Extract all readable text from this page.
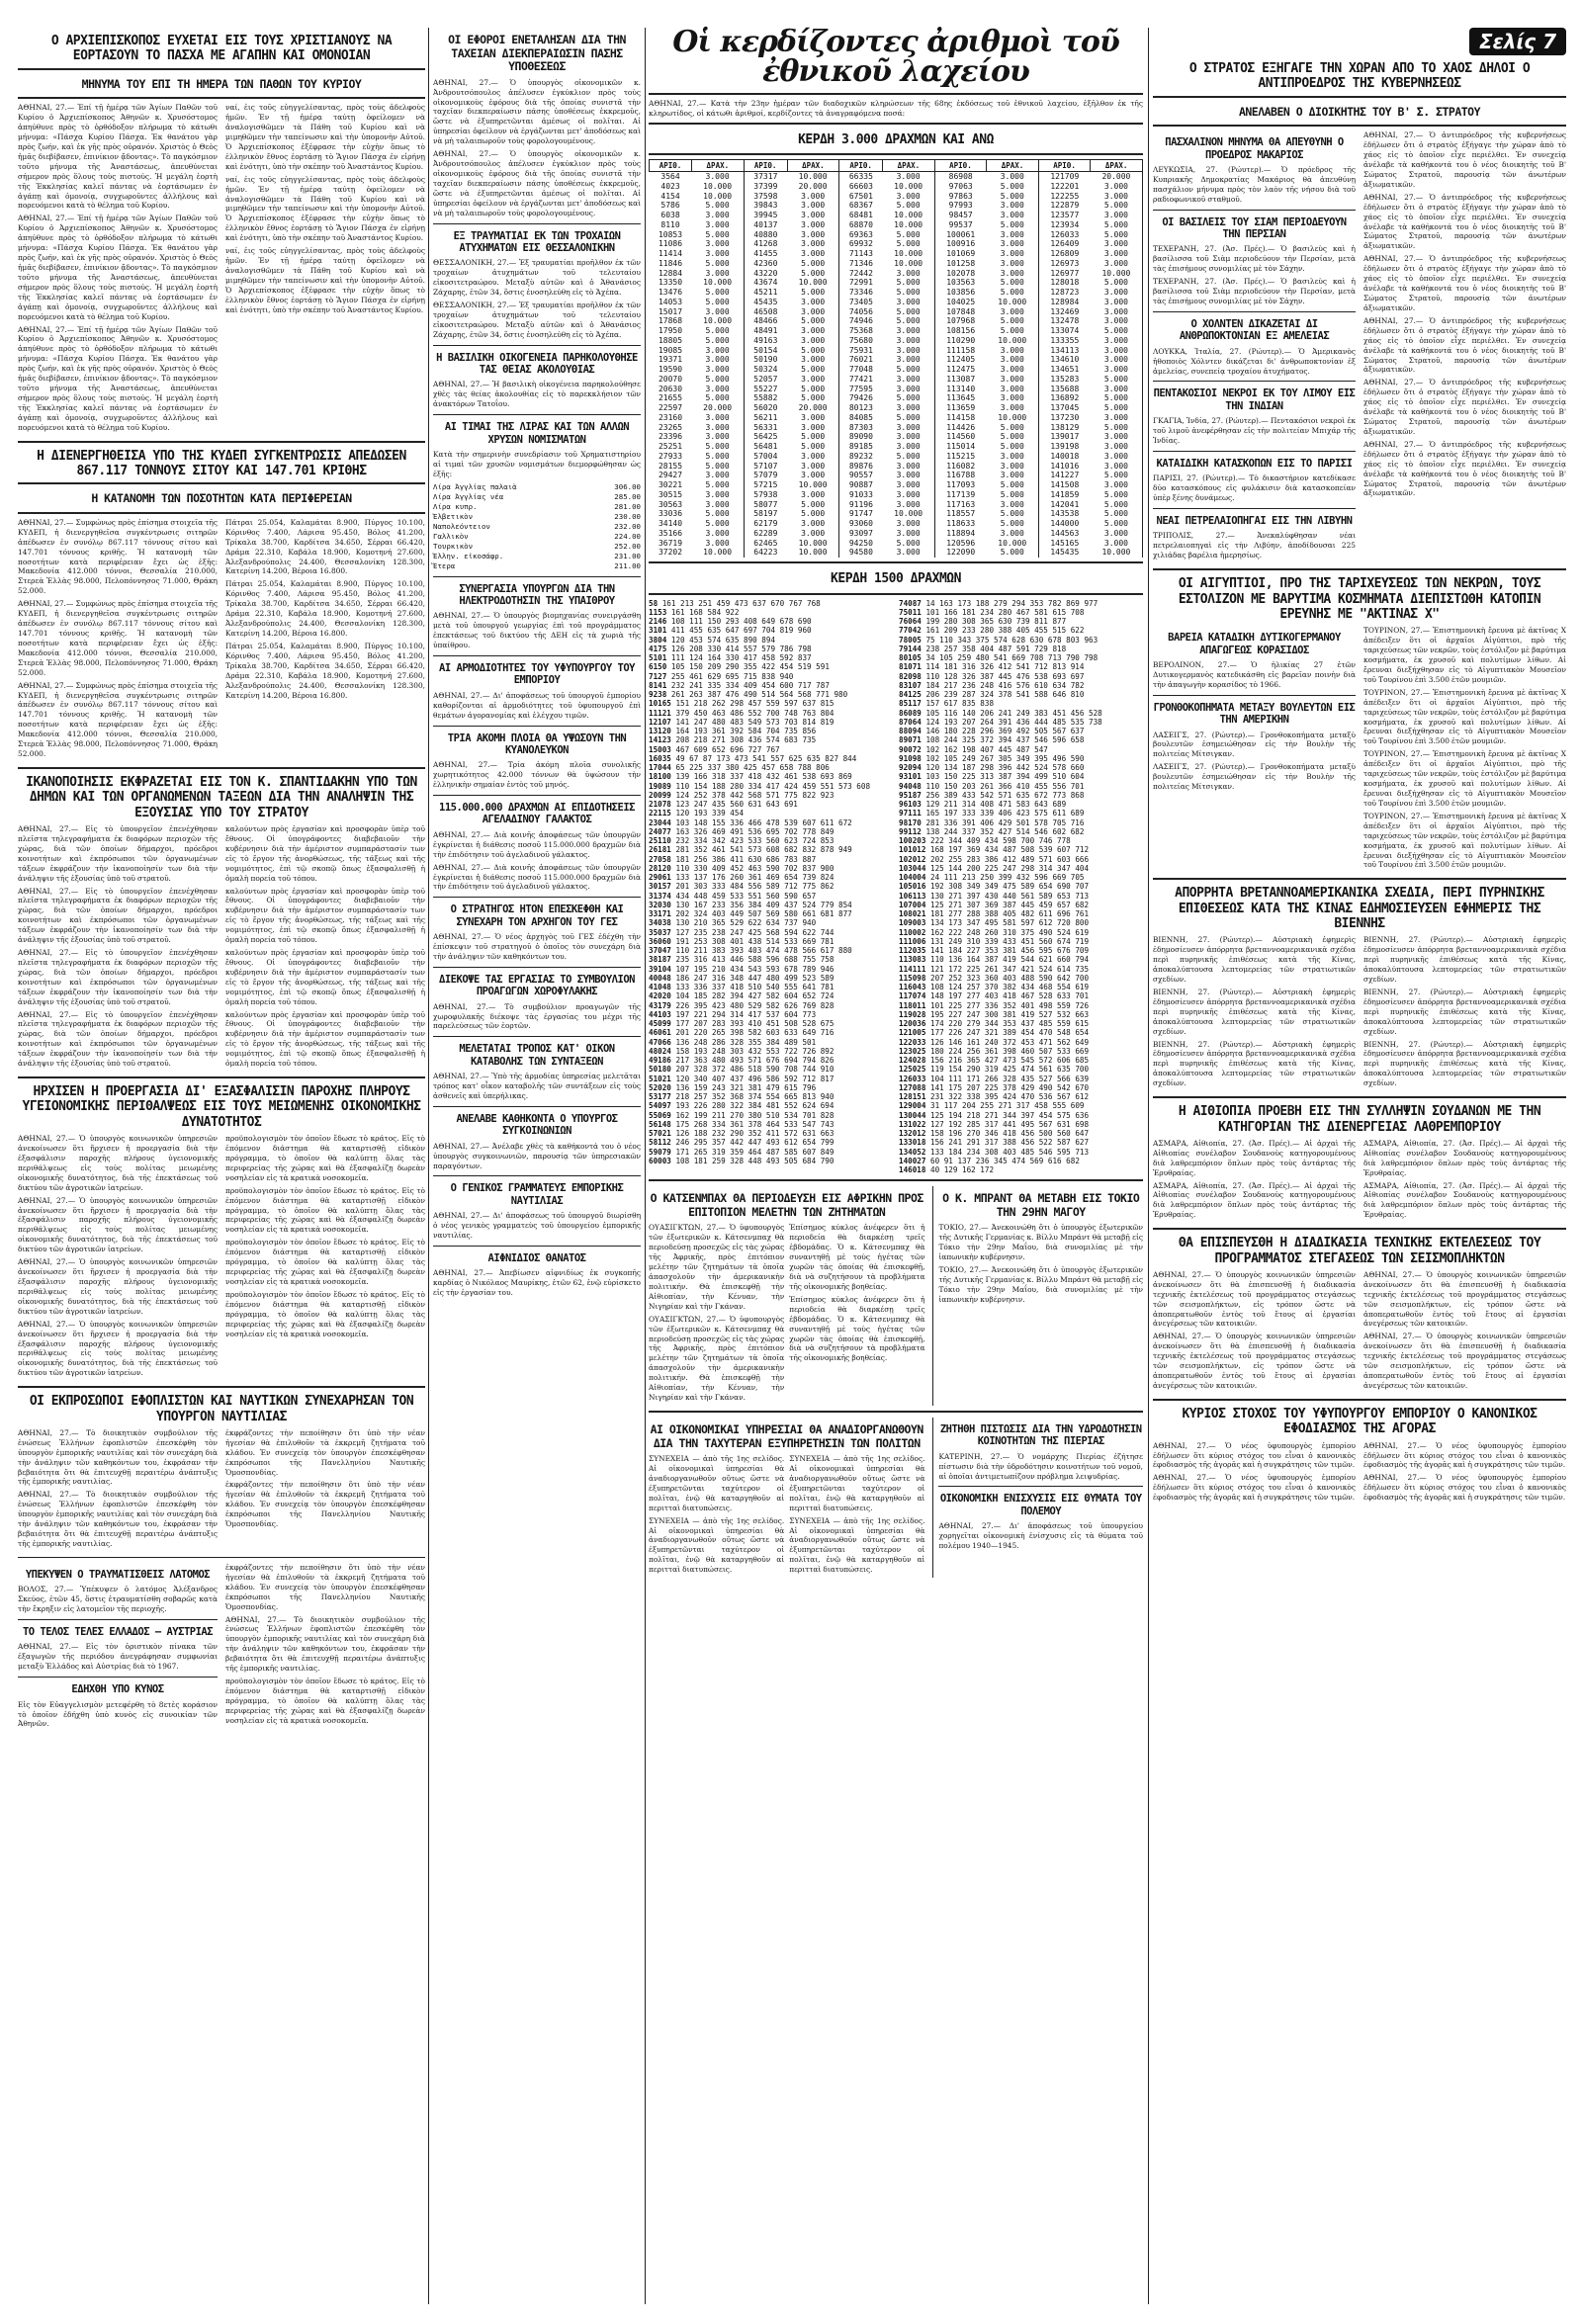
Ο ΑΡΧΙΕΠΙΣΚΟΠΟΣ ΕΥΧΕΤΑΙ ΕΙΣ ΤΟΥΣ ΧΡΙΣΤΙΑΝΟΥΣ ΝΑ ΕΟΡΤΑΣΟΥΝ ΤΟ ΠΑΣΧΑ ΜΕ ΑΓΑΠΗΝ ΚΑΙ ΟΜΟΝΟΙΑΝ
ΜΗΝΥΜΑ ΤΟΥ ΕΠΙ ΤΗ ΗΜΕΡΑ ΤΩΝ ΠΑΘΩΝ ΤΟΥ ΚΥΡΙΟΥ

ΑΘΗΝΑΙ, 27.— Ἐπί τῇ ἡμέρᾳ τῶν Ἁγίων Παθῶν τοῦ Κυρίου ὁ Ἀρχιεπίσκοπος Ἀθηνῶν κ. Χρυσόστομος ἀπηύθυνε πρὸς τὸ ὀρθόδοξον πλήρωμα τὸ κάτωθι μήνυμα: «Πάσχα Κυρίου Πάσχα. Ἐκ θανάτου γὰρ πρὸς ζωήν, καὶ ἐκ γῆς πρὸς οὐρανόν. Χριστὸς ὁ Θεὸς ἡμᾶς διεβίβασεν, ἐπινίκιον ᾄδοντας». Τὸ παγκόσμιον τοῦτο μήνυμα τῆς Ἀναστάσεως, ἀπευθύνεται σήμερον πρὸς ὅλους τοὺς πιστούς. Ἡ μεγάλη ἑορτὴ τῆς Ἐκκλησίας καλεῖ πάντας νὰ ἑορτάσωμεν ἐν ἀγάπῃ καὶ ὁμονοίᾳ, συγχωροῦντες ἀλλήλους καὶ πορευόμενοι κατὰ τὸ θέλημα τοῦ Κυρίου.

ΑΘΗΝΑΙ, 27.— Ἐπί τῇ ἡμέρᾳ τῶν Ἁγίων Παθῶν τοῦ Κυρίου ὁ Ἀρχιεπίσκοπος Ἀθηνῶν κ. Χρυσόστομος ἀπηύθυνε πρὸς τὸ ὀρθόδοξον πλήρωμα τὸ κάτωθι μήνυμα: «Πάσχα Κυρίου Πάσχα. Ἐκ θανάτου γὰρ πρὸς ζωήν, καὶ ἐκ γῆς πρὸς οὐρανόν. Χριστὸς ὁ Θεὸς ἡμᾶς διεβίβασεν, ἐπινίκιον ᾄδοντας». Τὸ παγκόσμιον τοῦτο μήνυμα τῆς Ἀναστάσεως, ἀπευθύνεται σήμερον πρὸς ὅλους τοὺς πιστούς. Ἡ μεγάλη ἑορτὴ τῆς Ἐκκλησίας καλεῖ πάντας νὰ ἑορτάσωμεν ἐν ἀγάπῃ καὶ ὁμονοίᾳ, συγχωροῦντες ἀλλήλους καὶ πορευόμενοι κατὰ τὸ θέλημα τοῦ Κυρίου.

ΑΘΗΝΑΙ, 27.— Ἐπί τῇ ἡμέρᾳ τῶν Ἁγίων Παθῶν τοῦ Κυρίου ὁ Ἀρχιεπίσκοπος Ἀθηνῶν κ. Χρυσόστομος ἀπηύθυνε πρὸς τὸ ὀρθόδοξον πλήρωμα τὸ κάτωθι μήνυμα: «Πάσχα Κυρίου Πάσχα. Ἐκ θανάτου γὰρ πρὸς ζωήν, καὶ ἐκ γῆς πρὸς οὐρανόν. Χριστὸς ὁ Θεὸς ἡμᾶς διεβίβασεν, ἐπινίκιον ᾄδοντας». Τὸ παγκόσμιον τοῦτο μήνυμα τῆς Ἀναστάσεως, ἀπευθύνεται σήμερον πρὸς ὅλους τοὺς πιστούς. Ἡ μεγάλη ἑορτὴ τῆς Ἐκκλησίας καλεῖ πάντας νὰ ἑορτάσωμεν ἐν ἀγάπῃ καὶ ὁμονοίᾳ, συγχωροῦντες ἀλλήλους καὶ πορευόμενοι κατὰ τὸ θέλημα τοῦ Κυρίου.

ναί, ἐις τοῦς εὐηγγελίσαντας, πρὸς τοὺς ἀδελφοὺς ἡμῶν. Ἐν τῇ ἡμέρᾳ ταύτῃ ὀφείλομεν νὰ ἀναλογισθῶμεν τὰ Πάθη τοῦ Κυρίου καὶ νὰ μιμηθῶμεν τὴν ταπείνωσιν καὶ τὴν ὑπομονὴν Αὐτοῦ. Ὁ Ἀρχιεπίσκοπος ἐξέφρασε τὴν εὐχὴν ὅπως τὸ ἑλληνικὸν ἔθνος ἑορτάσῃ τὸ Ἅγιον Πάσχα ἐν εἰρήνῃ καὶ ἑνότητι, ὑπὸ τὴν σκέπην τοῦ Ἀναστάντος Κυρίου.

ναί, ἐις τοῦς εὐηγγελίσαντας, πρὸς τοὺς ἀδελφοὺς ἡμῶν. Ἐν τῇ ἡμέρᾳ ταύτῃ ὀφείλομεν νὰ ἀναλογισθῶμεν τὰ Πάθη τοῦ Κυρίου καὶ νὰ μιμηθῶμεν τὴν ταπείνωσιν καὶ τὴν ὑπομονὴν Αὐτοῦ. Ὁ Ἀρχιεπίσκοπος ἐξέφρασε τὴν εὐχὴν ὅπως τὸ ἑλληνικὸν ἔθνος ἑορτάσῃ τὸ Ἅγιον Πάσχα ἐν εἰρήνῃ καὶ ἑνότητι, ὑπὸ τὴν σκέπην τοῦ Ἀναστάντος Κυρίου.

ναί, ἐις τοῦς εὐηγγελίσαντας, πρὸς τοὺς ἀδελφοὺς ἡμῶν. Ἐν τῇ ἡμέρᾳ ταύτῃ ὀφείλομεν νὰ ἀναλογισθῶμεν τὰ Πάθη τοῦ Κυρίου καὶ νὰ μιμηθῶμεν τὴν ταπείνωσιν καὶ τὴν ὑπομονὴν Αὐτοῦ. Ὁ Ἀρχιεπίσκοπος ἐξέφρασε τὴν εὐχὴν ὅπως τὸ ἑλληνικὸν ἔθνος ἑορτάσῃ τὸ Ἅγιον Πάσχα ἐν εἰρήνῃ καὶ ἑνότητι, ὑπὸ τὴν σκέπην τοῦ Ἀναστάντος Κυρίου.

Η ΔΙΕΝΕΡΓΗΘΕΙΣΑ ΥΠΟ ΤΗΣ ΚΥΔΕΠ ΣΥΓΚΕΝΤΡΩΣΙΣ ΑΠΕΔΩΣΕΝ 867.117 ΤΟΝΝΟΥΣ ΣΙΤΟΥ ΚΑΙ 147.701 ΚΡΙΘΗΣ
Η ΚΑΤΑΝΟΜΗ ΤΩΝ ΠΟΣΟΤΗΤΩΝ ΚΑΤΑ ΠΕΡΙΦΕΡΕΙΑΝ

ΑΘΗΝΑΙ, 27.— Συμφώνως πρὸς ἐπίσημα στοιχεῖα τῆς ΚΥΔΕΠ, ἡ διενεργηθεῖσα συγκέντρωσις σιτηρῶν ἀπέδωσεν ἐν συνόλῳ 867.117 τόννους σίτου καὶ 147.701 τόννους κριθῆς. Ἡ κατανομὴ τῶν ποσοτήτων κατὰ περιφέρειαν ἔχει ὡς ἑξῆς: Μακεδονία 412.000 τόννοι, Θεσσαλία 210.000, Στερεὰ Ἑλλὰς 98.000, Πελοπόννησος 71.000, Θράκη 52.000.

ΑΘΗΝΑΙ, 27.— Συμφώνως πρὸς ἐπίσημα στοιχεῖα τῆς ΚΥΔΕΠ, ἡ διενεργηθεῖσα συγκέντρωσις σιτηρῶν ἀπέδωσεν ἐν συνόλῳ 867.117 τόννους σίτου καὶ 147.701 τόννους κριθῆς. Ἡ κατανομὴ τῶν ποσοτήτων κατὰ περιφέρειαν ἔχει ὡς ἑξῆς: Μακεδονία 412.000 τόννοι, Θεσσαλία 210.000, Στερεὰ Ἑλλὰς 98.000, Πελοπόννησος 71.000, Θράκη 52.000.

ΑΘΗΝΑΙ, 27.— Συμφώνως πρὸς ἐπίσημα στοιχεῖα τῆς ΚΥΔΕΠ, ἡ διενεργηθεῖσα συγκέντρωσις σιτηρῶν ἀπέδωσεν ἐν συνόλῳ 867.117 τόννους σίτου καὶ 147.701 τόννους κριθῆς. Ἡ κατανομὴ τῶν ποσοτήτων κατὰ περιφέρειαν ἔχει ὡς ἑξῆς: Μακεδονία 412.000 τόννοι, Θεσσαλία 210.000, Στερεὰ Ἑλλὰς 98.000, Πελοπόννησος 71.000, Θράκη 52.000.

Πάτραι 25.054, Καλαμάται 8.900, Πύργος 10.100, Κόρινθος 7.400, Λάρισα 95.450, Βόλος 41.200, Τρίκαλα 38.700, Καρδίτσα 34.650, Σέρραι 66.420, Δράμα 22.310, Καβάλα 18.900, Κομοτηνή 27.600, Ἀλεξανδρούπολις 24.400, Θεσσαλονίκη 128.300, Κατερίνη 14.200, Βέροια 16.800.

Πάτραι 25.054, Καλαμάται 8.900, Πύργος 10.100, Κόρινθος 7.400, Λάρισα 95.450, Βόλος 41.200, Τρίκαλα 38.700, Καρδίτσα 34.650, Σέρραι 66.420, Δράμα 22.310, Καβάλα 18.900, Κομοτηνή 27.600, Ἀλεξανδρούπολις 24.400, Θεσσαλονίκη 128.300, Κατερίνη 14.200, Βέροια 16.800.

Πάτραι 25.054, Καλαμάται 8.900, Πύργος 10.100, Κόρινθος 7.400, Λάρισα 95.450, Βόλος 41.200, Τρίκαλα 38.700, Καρδίτσα 34.650, Σέρραι 66.420, Δράμα 22.310, Καβάλα 18.900, Κομοτηνή 27.600, Ἀλεξανδρούπολις 24.400, Θεσσαλονίκη 128.300, Κατερίνη 14.200, Βέροια 16.800.

ΙΚΑΝΟΠΟΙΗΣΙΣ ΕΚΦΡΑΖΕΤΑΙ ΕΙΣ ΤΟΝ Κ. ΣΠΑΝΤΙΔΑΚΗΝ ΥΠΟ ΤΩΝ ΔΗΜΩΝ ΚΑΙ ΤΩΝ ΟΡΓΑΝΩΜΕΝΩΝ ΤΑΞΕΩΝ ΔΙΑ ΤΗΝ ΑΝΑΛΗΨΙΝ ΤΗΣ ΕΞΟΥΣΙΑΣ ΥΠΟ ΤΟΥ ΣΤΡΑΤΟΥ

ΑΘΗΝΑΙ, 27.— Εἰς τὸ ὑπουργεῖον ἐπενέχθησαν πλεῖστα τηλεγραφήματα ἐκ διαφόρων περιοχῶν τῆς χώρας, διὰ τῶν ὁποίων δήμαρχοι, πρόεδροι κοινοτήτων καὶ ἐκπρόσωποι τῶν ὀργανωμένων τάξεων ἐκφράζουν τὴν ἱκανοποίησίν των διὰ τὴν ἀνάληψιν τῆς ἐξουσίας ὑπὸ τοῦ στρατοῦ.

ΑΘΗΝΑΙ, 27.— Εἰς τὸ ὑπουργεῖον ἐπενέχθησαν πλεῖστα τηλεγραφήματα ἐκ διαφόρων περιοχῶν τῆς χώρας, διὰ τῶν ὁποίων δήμαρχοι, πρόεδροι κοινοτήτων καὶ ἐκπρόσωποι τῶν ὀργανωμένων τάξεων ἐκφράζουν τὴν ἱκανοποίησίν των διὰ τὴν ἀνάληψιν τῆς ἐξουσίας ὑπὸ τοῦ στρατοῦ.

ΑΘΗΝΑΙ, 27.— Εἰς τὸ ὑπουργεῖον ἐπενέχθησαν πλεῖστα τηλεγραφήματα ἐκ διαφόρων περιοχῶν τῆς χώρας, διὰ τῶν ὁποίων δήμαρχοι, πρόεδροι κοινοτήτων καὶ ἐκπρόσωποι τῶν ὀργανωμένων τάξεων ἐκφράζουν τὴν ἱκανοποίησίν των διὰ τὴν ἀνάληψιν τῆς ἐξουσίας ὑπὸ τοῦ στρατοῦ.

ΑΘΗΝΑΙ, 27.— Εἰς τὸ ὑπουργεῖον ἐπενέχθησαν πλεῖστα τηλεγραφήματα ἐκ διαφόρων περιοχῶν τῆς χώρας, διὰ τῶν ὁποίων δήμαρχοι, πρόεδροι κοινοτήτων καὶ ἐκπρόσωποι τῶν ὀργανωμένων τάξεων ἐκφράζουν τὴν ἱκανοποίησίν των διὰ τὴν ἀνάληψιν τῆς ἐξουσίας ὑπὸ τοῦ στρατοῦ.

καλούντων πρὸς ἐργασίαν καὶ προσφορὰν ὑπὲρ τοῦ ἔθνους. Οἱ ὑπογράφοντες διαβεβαιοῦν τὴν κυβέρνησιν διὰ τὴν ἀμέριστον συμπαράστασίν των εἰς τὸ ἔργον τῆς ἀνορθώσεως, τῆς τάξεως καὶ τῆς νομιμότητος, ἐπὶ τῷ σκοπῷ ὅπως ἐξασφαλισθῇ ἡ ὁμαλὴ πορεία τοῦ τόπου.

καλούντων πρὸς ἐργασίαν καὶ προσφορὰν ὑπὲρ τοῦ ἔθνους. Οἱ ὑπογράφοντες διαβεβαιοῦν τὴν κυβέρνησιν διὰ τὴν ἀμέριστον συμπαράστασίν των εἰς τὸ ἔργον τῆς ἀνορθώσεως, τῆς τάξεως καὶ τῆς νομιμότητος, ἐπὶ τῷ σκοπῷ ὅπως ἐξασφαλισθῇ ἡ ὁμαλὴ πορεία τοῦ τόπου.

καλούντων πρὸς ἐργασίαν καὶ προσφορὰν ὑπὲρ τοῦ ἔθνους. Οἱ ὑπογράφοντες διαβεβαιοῦν τὴν κυβέρνησιν διὰ τὴν ἀμέριστον συμπαράστασίν των εἰς τὸ ἔργον τῆς ἀνορθώσεως, τῆς τάξεως καὶ τῆς νομιμότητος, ἐπὶ τῷ σκοπῷ ὅπως ἐξασφαλισθῇ ἡ ὁμαλὴ πορεία τοῦ τόπου.

καλούντων πρὸς ἐργασίαν καὶ προσφορὰν ὑπὲρ τοῦ ἔθνους. Οἱ ὑπογράφοντες διαβεβαιοῦν τὴν κυβέρνησιν διὰ τὴν ἀμέριστον συμπαράστασίν των εἰς τὸ ἔργον τῆς ἀνορθώσεως, τῆς τάξεως καὶ τῆς νομιμότητος, ἐπὶ τῷ σκοπῷ ὅπως ἐξασφαλισθῇ ἡ ὁμαλὴ πορεία τοῦ τόπου.

ΗΡΧΙΣΕΝ Η ΠΡΟΕΡΓΑΣΙΑ ΔΙ' ΕΞΑΣΦΑΛΙΣΙΝ ΠΑΡΟΧΗΣ ΠΛΗΡΟΥΣ ΥΓΕΙΟΝΟΜΙΚΗΣ ΠΕΡΙΘΑΛΨΕΩΣ ΕΙΣ ΤΟΥΣ ΜΕΙΩΜΕΝΗΣ ΟΙΚΟΝΟΜΙΚΗΣ ΔΥΝΑΤΟΤΗΤΟΣ

ΑΘΗΝΑΙ, 27.— Ὁ ὑπουργὸς κοινωνικῶν ὑπηρεσιῶν ἀνεκοίνωσεν ὅτι ἤρχισεν ἡ προεργασία διὰ τὴν ἐξασφάλισιν παροχῆς πλήρους ὑγειονομικῆς περιθάλψεως εἰς τοὺς πολίτας μειωμένης οἰκονομικῆς δυνατότητος, διὰ τῆς ἐπεκτάσεως τοῦ δικτύου τῶν ἀγροτικῶν ἰατρείων.

ΑΘΗΝΑΙ, 27.— Ὁ ὑπουργὸς κοινωνικῶν ὑπηρεσιῶν ἀνεκοίνωσεν ὅτι ἤρχισεν ἡ προεργασία διὰ τὴν ἐξασφάλισιν παροχῆς πλήρους ὑγειονομικῆς περιθάλψεως εἰς τοὺς πολίτας μειωμένης οἰκονομικῆς δυνατότητος, διὰ τῆς ἐπεκτάσεως τοῦ δικτύου τῶν ἀγροτικῶν ἰατρείων.

ΑΘΗΝΑΙ, 27.— Ὁ ὑπουργὸς κοινωνικῶν ὑπηρεσιῶν ἀνεκοίνωσεν ὅτι ἤρχισεν ἡ προεργασία διὰ τὴν ἐξασφάλισιν παροχῆς πλήρους ὑγειονομικῆς περιθάλψεως εἰς τοὺς πολίτας μειωμένης οἰκονομικῆς δυνατότητος, διὰ τῆς ἐπεκτάσεως τοῦ δικτύου τῶν ἀγροτικῶν ἰατρείων.

ΑΘΗΝΑΙ, 27.— Ὁ ὑπουργὸς κοινωνικῶν ὑπηρεσιῶν ἀνεκοίνωσεν ὅτι ἤρχισεν ἡ προεργασία διὰ τὴν ἐξασφάλισιν παροχῆς πλήρους ὑγειονομικῆς περιθάλψεως εἰς τοὺς πολίτας μειωμένης οἰκονομικῆς δυνατότητος, διὰ τῆς ἐπεκτάσεως τοῦ δικτύου τῶν ἀγροτικῶν ἰατρείων.

προϋπολογισμὸν τὸν ὁποῖον ἔδωσε τὸ κράτος. Εἰς τὸ ἐπόμενον διάστημα θὰ καταρτισθῇ εἰδικὸν πρόγραμμα, τὸ ὁποῖον θὰ καλύπτῃ ὅλας τὰς περιφερείας τῆς χώρας καὶ θὰ ἐξασφαλίζῃ δωρεὰν νοσηλείαν εἰς τὰ κρατικὰ νοσοκομεῖα.

προϋπολογισμὸν τὸν ὁποῖον ἔδωσε τὸ κράτος. Εἰς τὸ ἐπόμενον διάστημα θὰ καταρτισθῇ εἰδικὸν πρόγραμμα, τὸ ὁποῖον θὰ καλύπτῃ ὅλας τὰς περιφερείας τῆς χώρας καὶ θὰ ἐξασφαλίζῃ δωρεὰν νοσηλείαν εἰς τὰ κρατικὰ νοσοκομεῖα.

προϋπολογισμὸν τὸν ὁποῖον ἔδωσε τὸ κράτος. Εἰς τὸ ἐπόμενον διάστημα θὰ καταρτισθῇ εἰδικὸν πρόγραμμα, τὸ ὁποῖον θὰ καλύπτῃ ὅλας τὰς περιφερείας τῆς χώρας καὶ θὰ ἐξασφαλίζῃ δωρεὰν νοσηλείαν εἰς τὰ κρατικὰ νοσοκομεῖα.

προϋπολογισμὸν τὸν ὁποῖον ἔδωσε τὸ κράτος. Εἰς τὸ ἐπόμενον διάστημα θὰ καταρτισθῇ εἰδικὸν πρόγραμμα, τὸ ὁποῖον θὰ καλύπτῃ ὅλας τὰς περιφερείας τῆς χώρας καὶ θὰ ἐξασφαλίζῃ δωρεὰν νοσηλείαν εἰς τὰ κρατικὰ νοσοκομεῖα.

ΟΙ ΕΚΠΡΟΣΩΠΟΙ ΕΦΟΠΛΙΣΤΩΝ ΚΑΙ ΝΑΥΤΙΚΩΝ ΣΥΝΕΧΑΡΗΣΑΝ ΤΟΝ ΥΠΟΥΡΓΟΝ ΝΑΥΤΙΛΙΑΣ

ΑΘΗΝΑΙ, 27.— Τὸ διοικητικὸν συμβούλιον τῆς ἑνώσεως Ἑλλήνων ἐφοπλιστῶν ἐπεσκέφθη τὸν ὑπουργὸν ἐμπορικῆς ναυτιλίας καὶ τὸν συνεχάρη διὰ τὴν ἀνάληψιν τῶν καθηκόντων του, ἐκφράσαν τὴν βεβαιότητα ὅτι θὰ ἐπιτευχθῇ περαιτέρω ἀνάπτυξις τῆς ἐμπορικῆς ναυτιλίας.

ΑΘΗΝΑΙ, 27.— Τὸ διοικητικὸν συμβούλιον τῆς ἑνώσεως Ἑλλήνων ἐφοπλιστῶν ἐπεσκέφθη τὸν ὑπουργὸν ἐμπορικῆς ναυτιλίας καὶ τὸν συνεχάρη διὰ τὴν ἀνάληψιν τῶν καθηκόντων του, ἐκφράσαν τὴν βεβαιότητα ὅτι θὰ ἐπιτευχθῇ περαιτέρω ἀνάπτυξις τῆς ἐμπορικῆς ναυτιλίας.

ἐκφράζοντες τὴν πεποίθησιν ὅτι ὑπὸ τὴν νέαν ἡγεσίαν θὰ ἐπιλυθοῦν τὰ ἐκκρεμῆ ζητήματα τοῦ κλάδου. Ἐν συνεχείᾳ τὸν ὑπουργὸν ἐπεσκέφθησαν ἐκπρόσωποι τῆς Πανελληνίου Ναυτικῆς Ὁμοσπονδίας.

ἐκφράζοντες τὴν πεποίθησιν ὅτι ὑπὸ τὴν νέαν ἡγεσίαν θὰ ἐπιλυθοῦν τὰ ἐκκρεμῆ ζητήματα τοῦ κλάδου. Ἐν συνεχείᾳ τὸν ὑπουργὸν ἐπεσκέφθησαν ἐκπρόσωποι τῆς Πανελληνίου Ναυτικῆς Ὁμοσπονδίας.

ΥΠΕΚΥΨΕΝ Ο ΤΡΑΥΜΑΤΙΣΘΕΙΣ ΛΑΤΟΜΟΣ

ΒΟΛΟΣ, 27.— Ὑπέκυψεν ὁ λατόμος Ἀλέξανδρος Σκεύος, ἐτῶν 45, ὅστις ἐτραυματίσθη σοβαρῶς κατὰ τὴν ἔκρηξιν εἰς λατομεῖον τῆς περιοχῆς.

ΤΟ ΤΕΛΟΣ ΤΕΛΕΣ ΕΛΛΑΔΟΣ — ΑΥΣΤΡΙΑΣ

ΑΘΗΝΑΙ, 27.— Εἰς τὸν ὁριστικὸν πίνακα τῶν ἐξαγωγῶν τῆς περιόδου ἀνεγράφησαν συμφωνίαι μεταξὺ Ἑλλάδος καὶ Αὐστρίας διὰ τὸ 1967.

ΕΔΗΧΘΗ ΥΠΟ ΚΥΝΟΣ

Εἰς τὸν Εὐαγγελισμὸν μετεφέρθη τὸ 8ετὲς κοράσιον τὸ ὁποῖον ἐδήχθη ὑπὸ κυνὸς εἰς συνοικίαν τῶν Ἀθηνῶν.

ἐκφράζοντες τὴν πεποίθησιν ὅτι ὑπὸ τὴν νέαν ἡγεσίαν θὰ ἐπιλυθοῦν τὰ ἐκκρεμῆ ζητήματα τοῦ κλάδου. Ἐν συνεχείᾳ τὸν ὑπουργὸν ἐπεσκέφθησαν ἐκπρόσωποι τῆς Πανελληνίου Ναυτικῆς Ὁμοσπονδίας.

ΑΘΗΝΑΙ, 27.— Τὸ διοικητικὸν συμβούλιον τῆς ἑνώσεως Ἑλλήνων ἐφοπλιστῶν ἐπεσκέφθη τὸν ὑπουργὸν ἐμπορικῆς ναυτιλίας καὶ τὸν συνεχάρη διὰ τὴν ἀνάληψιν τῶν καθηκόντων του, ἐκφράσαν τὴν βεβαιότητα ὅτι θὰ ἐπιτευχθῇ περαιτέρω ἀνάπτυξις τῆς ἐμπορικῆς ναυτιλίας.

προϋπολογισμὸν τὸν ὁποῖον ἔδωσε τὸ κράτος. Εἰς τὸ ἐπόμενον διάστημα θὰ καταρτισθῇ εἰδικὸν πρόγραμμα, τὸ ὁποῖον θὰ καλύπτῃ ὅλας τὰς περιφερείας τῆς χώρας καὶ θὰ ἐξασφαλίζῃ δωρεὰν νοσηλείαν εἰς τὰ κρατικὰ νοσοκομεῖα.

ΟΙ ΕΦΟΡΟΙ ΕΝΕΤΑΛΗΣΑΝ ΔΙΑ ΤΗΝ ΤΑΧΕΙΑΝ ΔΙΕΚΠΕΡΑΙΩΣΙΝ ΠΑΣΗΣ ΥΠΟΘΕΣΕΩΣ

ΑΘΗΝΑΙ, 27.— Ὁ ὑπουργὸς οἰκονομικῶν κ. Ἀνδρουτσόπουλος ἀπέλυσεν ἐγκύκλιον πρὸς τοὺς οἰκονομικοὺς ἐφόρους διὰ τῆς ὁποίας συνιστᾶ τὴν ταχεῖαν διεκπεραίωσιν πάσης ὑποθέσεως ἐκκρεμοῦς, ὥστε νὰ ἐξυπηρετῶνται ἀμέσως οἱ πολῖται. Αἱ ὑπηρεσίαι ὀφείλουν νὰ ἐργάζωνται μετ' ἀποδόσεως καὶ νὰ μὴ ταλαιπωροῦν τοὺς φορολογουμένους.

ΑΘΗΝΑΙ, 27.— Ὁ ὑπουργὸς οἰκονομικῶν κ. Ἀνδρουτσόπουλος ἀπέλυσεν ἐγκύκλιον πρὸς τοὺς οἰκονομικοὺς ἐφόρους διὰ τῆς ὁποίας συνιστᾶ τὴν ταχεῖαν διεκπεραίωσιν πάσης ὑποθέσεως ἐκκρεμοῦς, ὥστε νὰ ἐξυπηρετῶνται ἀμέσως οἱ πολῖται. Αἱ ὑπηρεσίαι ὀφείλουν νὰ ἐργάζωνται μετ' ἀποδόσεως καὶ νὰ μὴ ταλαιπωροῦν τοὺς φορολογουμένους.

ΕΞ ΤΡΑΥΜΑΤΙΑΙ ΕΚ ΤΩΝ ΤΡΟΧΑΙΩΝ ΑΤΥΧΗΜΑΤΩΝ ΕΙΣ ΘΕΣΣΑΛΟΝΙΚΗΝ

ΘΕΣΣΑΛΟΝΙΚΗ, 27.— Ἐξ τραυματίαι προῆλθον ἐκ τῶν τροχαίων ἀτυχημάτων τοῦ τελευταίου εἰκοσιτετραώρου. Μεταξὺ αὐτῶν καὶ ὁ Ἀθανάσιος Ζάχαρης, ἐτῶν 34, ὅστις ἐνοσηλεύθη εἰς τὸ Ἀχέπα.

ΘΕΣΣΑΛΟΝΙΚΗ, 27.— Ἐξ τραυματίαι προῆλθον ἐκ τῶν τροχαίων ἀτυχημάτων τοῦ τελευταίου εἰκοσιτετραώρου. Μεταξὺ αὐτῶν καὶ ὁ Ἀθανάσιος Ζάχαρης, ἐτῶν 34, ὅστις ἐνοσηλεύθη εἰς τὸ Ἀχέπα.

Η ΒΑΣΙΛΙΚΗ ΟΙΚΟΓΕΝΕΙΑ ΠΑΡΗΚΟΛΟΥΘΗΣΕ ΤΑΣ ΘΕΙΑΣ ΑΚΟΛΟΥΘΙΑΣ

ΑΘΗΝΑΙ, 27.— Ἡ βασιλικὴ οἰκογένεια παρηκολούθησε χθὲς τὰς θείας ἀκολουθίας εἰς τὸ παρεκκλήσιον τῶν ἀνακτόρων Τατοΐου.

ΑΙ ΤΙΜΑΙ ΤΗΣ ΛΙΡΑΣ ΚΑΙ ΤΩΝ ΑΛΛΩΝ ΧΡΥΣΩΝ ΝΟΜΙΣΜΑΤΩΝ

Κατὰ τὴν σημερινὴν συνεδρίασιν τοῦ Χρηματιστηρίου αἱ τιμαὶ τῶν χρυσῶν νομισμάτων διεμορφώθησαν ὡς ἑξῆς:

Λίρα Ἀγγλίας παλαιὰ	306.00
Λίρα Ἀγγλίας νέα	285.00
Λίρα κυπρ.	281.00
Ἐλβετικὸν	230.00
Ναπολεόντειον	232.00
Γαλλικὸν	224.00
Τουρκικὸν	252.00
Ἑλλην. εἰκοσάφρ.	231.00
Ἔτερα	211.00
ΣΥΝΕΡΓΑΣΙΑ ΥΠΟΥΡΓΩΝ ΔΙΑ ΤΗΝ ΗΛΕΚΤΡΟΔΟΤΗΣΙΝ ΤΗΣ ΥΠΑΙΘΡΟΥ

ΑΘΗΝΑΙ, 27.— Ὁ ὑπουργὸς βιομηχανίας συνειργάσθη μετὰ τοῦ ὑπουργοῦ γεωργίας ἐπὶ τοῦ προγράμματος ἐπεκτάσεως τοῦ δικτύου τῆς ΔΕΗ εἰς τὰ χωριὰ τῆς ὑπαίθρου.

ΑΙ ΑΡΜΟΔΙΟΤΗΤΕΣ ΤΟΥ ΥΦΥΠΟΥΡΓΟΥ ΤΟΥ ΕΜΠΟΡΙΟΥ

ΑΘΗΝΑΙ, 27.— Δι' ἀποφάσεως τοῦ ὑπουργοῦ ἐμπορίου καθορίζονται αἱ ἀρμοδιότητες τοῦ ὑφυπουργοῦ ἐπὶ θεμάτων ἀγορανομίας καὶ ἐλέγχου τιμῶν.

ΤΡΙΑ ΑΚΟΜΗ ΠΛΟΙΑ ΘΑ ΥΨΩΣΟΥΝ ΤΗΝ ΚΥΑΝΟΛΕΥΚΟΝ

ΑΘΗΝΑΙ, 27.— Τρία ἀκόμη πλοῖα συνολικῆς χωρητικότητος 42.000 τόννων θὰ ὑψώσουν τὴν ἑλληνικὴν σημαίαν ἐντὸς τοῦ μηνός.

115.000.000 ΔΡΑΧΜΩΝ ΑΙ ΕΠΙΔΟΤΗΣΕΙΣ ΑΓΕΛΑΔΙΝΟΥ ΓΑΛΑΚΤΟΣ

ΑΘΗΝΑΙ, 27.— Διὰ κοινῆς ἀποφάσεως τῶν ὑπουργῶν ἐγκρίνεται ἡ διάθεσις ποσοῦ 115.000.000 δραχμῶν διὰ τὴν ἐπιδότησιν τοῦ ἀγελαδινοῦ γάλακτος.

ΑΘΗΝΑΙ, 27.— Διὰ κοινῆς ἀποφάσεως τῶν ὑπουργῶν ἐγκρίνεται ἡ διάθεσις ποσοῦ 115.000.000 δραχμῶν διὰ τὴν ἐπιδότησιν τοῦ ἀγελαδινοῦ γάλακτος.

Ο ΣΤΡΑΤΗΓΟΣ ΗΤΟΝ ΕΠΕΣΚΕΦΘΗ ΚΑΙ ΣΥΝΕΧΑΡΗ ΤΟΝ ΑΡΧΗΓΟΝ ΤΟΥ ΓΕΣ

ΑΘΗΝΑΙ, 27.— Ὁ νέος ἀρχηγὸς τοῦ ΓΕΣ ἐδέχθη τὴν ἐπίσκεψιν τοῦ στρατηγοῦ ὁ ὁποῖος τὸν συνεχάρη διὰ τὴν ἀνάληψιν τῶν καθηκόντων του.

ΔΙΕΚΟΨΕ ΤΑΣ ΕΡΓΑΣΙΑΣ ΤΟ ΣΥΜΒΟΥΛΙΟΝ ΠΡΟΑΓΩΓΩΝ ΧΩΡΟΦΥΛΑΚΗΣ

ΑΘΗΝΑΙ, 27.— Τὸ συμβούλιον προαγωγῶν τῆς χωροφυλακῆς διέκοψε τὰς ἐργασίας του μέχρι τῆς παρελεύσεως τῶν ἑορτῶν.

ΜΕΛΕΤΑΤΑΙ ΤΡΟΠΟΣ ΚΑΤ' ΟΙΚΟΝ ΚΑΤΑΒΟΛΗΣ ΤΩΝ ΣΥΝΤΑΞΕΩΝ

ΑΘΗΝΑΙ, 27.— Ὑπὸ τῆς ἁρμοδίας ὑπηρεσίας μελετᾶται τρόπος κατ' οἶκον καταβολῆς τῶν συντάξεων εἰς τοὺς ἀσθενεῖς καὶ ὑπερήλικας.

ΑΝΕΛΑΒΕ ΚΑΘΗΚΟΝΤΑ Ο ΥΠΟΥΡΓΟΣ ΣΥΓΚΟΙΝΩΝΙΩΝ

ΑΘΗΝΑΙ, 27.— Ἀνέλαβε χθὲς τὰ καθήκοντά του ὁ νέος ὑπουργὸς συγκοινωνιῶν, παρουσίᾳ τῶν ὑπηρεσιακῶν παραγόντων.

Ο ΓΕΝΙΚΟΣ ΓΡΑΜΜΑΤΕΥΣ ΕΜΠΟΡΙΚΗΣ ΝΑΥΤΙΛΙΑΣ

ΑΘΗΝΑΙ, 27.— Δι' ἀποφάσεως τοῦ ὑπουργοῦ διωρίσθη ὁ νέος γενικὸς γραμματεὺς τοῦ ὑπουργείου ἐμπορικῆς ναυτιλίας.

ΑΙΦΝΙΔΙΟΣ ΘΑΝΑΤΟΣ

ΑΘΗΝΑΙ, 27.— Ἀπεβίωσεν αἰφνιδίως ἐκ συγκοπῆς καρδίας ὁ Νικόλαος Μαυρίκης, ἐτῶν 62, ἐνῷ εὑρίσκετο εἰς τὴν ἐργασίαν του.

Οἱ κερδίζοντες ἀριθμοὶ τοῦ ἐθνικοῦ λαχείου

ΑΘΗΝΑΙ, 27.— Κατὰ τὴν 23ην ἡμέραν τῶν διαδοχικῶν κληρώσεων τῆς 68ης ἐκδόσεως τοῦ ἐθνικοῦ λαχείου, ἐξῆλθον ἐκ τῆς κληρωτίδος, οἱ κάτωθι ἀριθμοί, κερδίζοντες τὰ ἀναγραφόμενα ποσά:

ΚΕΡΔΗ 3.000 ΔΡΑΧΜΩΝ ΚΑΙ ΑΝΩ
ΑΡΙΘ.	ΔΡΑΧ.	ΑΡΙΘ.	ΔΡΑΧ.	ΑΡΙΘ.	ΔΡΑΧ.	ΑΡΙΘ.	ΔΡΑΧ.	ΑΡΙΘ.	ΔΡΑΧ.
3564	3.000	37317	10.000	66335	3.000	86908	3.000	121709	20.000
4023	10.000	37399	20.000	66603	10.000	97063	5.000	122201	3.000
4154	10.000	37598	3.000	67501	3.000	97863	5.000	122255	3.000
5786	5.000	39843	3.000	68367	5.000	97993	3.000	122879	5.000
6038	3.000	39945	3.000	68481	10.000	98457	3.000	123577	3.000
8110	3.000	40137	3.000	68870	10.000	99537	5.000	123934	5.000
10853	5.000	40880	3.000	69363	5.000	100061	3.000	126033	5.000
11086	3.000	41268	3.000	69932	5.000	100916	3.000	126409	3.000
11414	3.000	41455	3.000	71143	10.000	101069	3.000	126809	3.000
11846	5.000	42360	5.000	71346	10.000	101258	3.000	126973	3.000
12884	3.000	43220	5.000	72442	3.000	102078	3.000	126977	10.000
13350	10.000	43674	10.000	72991	5.000	103563	5.000	128018	5.000
13476	5.000	45211	5.000	73346	5.000	103856	5.000	128723	3.000
14053	5.000	45435	3.000	73405	3.000	104025	10.000	128984	3.000
15017	3.000	46508	3.000	74056	5.000	107848	3.000	132469	3.000
17868	10.000	48466	5.000	74946	5.000	107968	5.000	132478	3.000
17950	5.000	48491	3.000	75368	3.000	108156	5.000	133074	5.000
18805	5.000	49163	3.000	75680	3.000	110290	10.000	133355	3.000
19085	3.000	50154	5.000	75931	3.000	111158	3.000	134113	3.000
19371	3.000	50190	3.000	76021	3.000	112405	3.000	134610	3.000
19590	3.000	50324	5.000	77048	5.000	112475	3.000	134651	3.000
20070	5.000	52057	3.000	77421	3.000	113087	3.000	135283	5.000
20630	3.000	55227	5.000	77595	3.000	113140	3.000	135688	3.000
21655	5.000	55882	5.000	79426	5.000	113645	3.000	136892	5.000
22597	20.000	56020	20.000	80123	3.000	113659	3.000	137045	5.000
23160	3.000	56211	3.000	84085	5.000	114158	10.000	137230	3.000
23265	3.000	56331	3.000	87303	3.000	114426	5.000	138129	5.000
23396	3.000	56425	5.000	89090	3.000	114560	5.000	139017	3.000
25251	5.000	56481	5.000	89185	3.000	115014	5.000	139198	3.000
27933	5.000	57004	3.000	89232	5.000	115215	3.000	140018	3.000
28155	5.000	57107	3.000	89876	3.000	116082	3.000	141016	3.000
29427	3.000	57079	3.000	90557	3.000	116788	3.000	141227	5.000
30221	5.000	57215	10.000	90887	3.000	117093	5.000	141508	3.000
30515	3.000	57938	3.000	91033	3.000	117139	5.000	141859	5.000
30563	3.000	58077	5.000	91196	3.000	117163	3.000	142041	5.000
33036	5.000	58197	5.000	91747	10.000	118557	5.000	143538	5.000
34140	5.000	62179	3.000	93060	3.000	118633	5.000	144000	5.000
35166	3.000	62289	3.000	93097	3.000	118894	3.000	144563	3.000
36719	3.000	62465	10.000	94250	5.000	120596	10.000	145165	3.000
37202	10.000	64223	10.000	94580	3.000	122090	5.000	145435	10.000
ΚΕΡΔΗ 1500 ΔΡΑΧΜΩΝ
58 161 213 251 459 473 637 670 767 768
1153 161 168 584 922
2146 108 111 150 293 408 649 678 690
3101 411 455 635 647 697 704 819 960
3804 120 453 574 635 890 894
4175 126 208 330 414 557 579 786 798
5101 111 124 164 330 417 458 592 837
6150 105 150 209 290 355 422 454 519 591
7127 255 461 629 695 715 838 940
8141 232 241 335 334 409 454 600 717 787
9238 261 263 387 476 490 514 564 568 771 980
10165 151 218 262 298 457 559 597 637 815
11121 379 450 463 486 552 700 748 763 804
12107 141 247 480 483 549 573 703 814 819
13120 164 193 361 392 584 704 735 856
14123 208 218 271 308 436 574 683 735
15003 467 609 652 696 727 767
16035 49 67 87 173 473 541 557 625 635 827 844
17044 65 225 337 380 425 457 658 788 806
18100 139 166 318 337 418 432 461 538 693 869
19089 110 154 188 280 334 417 424 459 551 573 608
20099 124 252 378 442 568 571 775 822 923
21078 123 247 435 560 631 643 691
22115 120 193 339 454
23044 103 148 155 336 466 478 539 607 611 672
24077 163 326 469 491 536 695 702 778 849
25110 232 334 342 423 533 560 623 724 853
26181 281 352 461 541 573 608 682 832 878 949
27058 181 256 386 411 630 686 783 887
28120 110 330 409 452 463 590 702 837 900
29061 133 137 176 260 361 469 654 739 824
30157 201 303 333 484 556 589 712 775 862
31374 434 448 459 533 551 560 590 657
32030 130 167 233 356 384 409 437 524 779 854
33171 202 324 403 449 507 569 580 661 681 877
34038 130 210 365 529 622 634 737 940
35037 127 235 238 247 425 568 594 622 744
36060 191 253 308 401 438 514 533 669 781
37047 110 211 383 393 403 474 478 566 617 880
38187 235 316 413 446 588 596 688 755 758
39104 107 195 210 434 543 593 678 789 946
40048 186 247 316 348 447 480 499 523 589
41048 133 336 337 418 510 540 555 641 781
42020 104 185 282 394 427 582 604 652 724
43179 226 395 423 480 529 582 626 769 828
44103 197 221 294 314 417 537 604 773
45099 177 207 283 393 410 451 508 528 675
46061 201 220 265 398 582 603 633 649 716
47066 136 248 286 328 355 384 489 501
48024 158 193 248 303 432 553 722 726 892
49186 217 363 480 493 571 676 694 794 826
50180 207 328 372 486 518 590 708 744 910
51021 120 340 407 437 496 586 592 712 817
52020 136 159 243 321 381 479 615 796
53177 218 257 352 368 374 554 665 813 940
54097 193 226 280 322 384 481 552 624 694
55069 162 199 211 270 380 510 534 701 828
56148 175 268 334 361 378 464 533 547 743
57021 126 188 232 290 352 411 572 631 663
58112 246 295 357 442 447 493 612 654 799
59079 171 265 319 359 464 487 585 607 849
60003 108 181 259 328 448 493 505 684 790
74087 14 163 173 188 279 294 353 782 869 977
75011 101 166 181 234 280 467 581 615 708
76064 199 280 308 365 630 739 811 877
77042 161 209 233 280 388 405 455 515 622
78005 75 110 343 375 574 628 630 678 803 963
79144 238 257 358 404 487 591 729 818
80105 34 105 259 480 541 669 708 713 790 798
81071 114 181 316 326 412 541 712 813 914
82098 110 128 326 387 445 476 538 693 697
83107 184 217 236 248 416 576 610 634 782
84125 206 239 287 324 378 541 588 646 810
85117 157 617 835 838
86089 105 116 140 206 241 249 383 451 456 528
87064 124 193 207 264 391 436 444 485 535 738
88094 146 180 228 296 369 492 505 567 637
89071 108 244 325 372 394 437 546 596 658
90072 102 162 198 407 445 487 547
91098 102 105 249 267 305 349 395 496 590
92094 120 134 187 298 396 442 524 578 660
93101 103 150 225 313 387 394 499 510 604
94048 110 150 203 261 366 410 455 556 701
95187 256 389 433 542 571 635 672 773 868
96103 129 211 314 408 471 583 643 689
97111 165 197 333 339 406 423 575 611 689
98170 281 336 391 406 429 501 578 705 716
99112 138 244 337 352 427 514 546 602 682
100203 222 344 409 434 598 700 746 778
101012 168 197 369 434 487 508 539 607 712
102012 202 255 283 386 412 489 571 603 666
103044 125 144 200 225 247 298 314 347 404
104004 24 111 213 250 399 432 596 669 705
105016 192 308 349 349 475 589 654 690 707
106113 130 271 397 430 440 561 589 653 713
107004 125 271 307 369 387 445 459 657 682
108021 181 277 288 388 405 482 611 696 761
109003 134 173 347 495 581 597 612 720 800
110002 162 222 248 260 310 375 490 524 619
111006 131 249 310 339 433 451 560 674 719
112035 141 184 227 353 381 456 595 676 709
113083 110 136 164 387 419 544 621 660 794
114111 121 172 225 261 347 421 524 614 735
115098 207 252 323 360 403 488 590 642 700
116043 108 124 257 370 382 434 468 554 619
117074 148 197 277 403 418 467 528 633 701
118011 101 225 277 336 352 401 498 559 726
119028 195 227 247 300 381 419 527 532 663
120036 174 220 279 344 353 437 485 559 615
121005 177 226 247 321 389 454 470 548 654
122033 126 146 161 240 372 453 471 562 649
123025 180 224 256 361 398 460 507 533 669
124028 156 216 365 427 473 545 572 606 685
125025 119 154 290 319 425 474 561 635 700
126033 104 111 171 266 328 435 527 566 639
127088 141 175 207 225 378 429 490 542 670
128151 231 322 338 395 424 470 536 567 612
129004 31 117 204 255 271 317 458 555 609
130044 125 194 218 271 344 397 454 575 636
131022 127 192 285 317 441 495 567 631 698
132012 158 196 270 346 418 456 500 560 647
133018 156 241 291 317 388 456 522 587 627
134052 133 184 234 308 403 485 546 595 713
140027 60 91 137 236 345 474 569 616 682
146018 40 129 162 172
Ο ΚΑΤΣΕΝΜΠΑΧ ΘΑ ΠΕΡΙΟΔΕΥΣΗ ΕΙΣ ΑΦΡΙΚΗΝ ΠΡΟΣ ΕΠΙΤΟΠΙΟΝ ΜΕΛΕΤΗΝ ΤΩΝ ΖΗΤΗΜΑΤΩΝ

ΟΥΑΣΙΓΚΤΩΝ, 27.— Ὁ ὑφυπουργὸς τῶν ἐξωτερικῶν κ. Κάτσενμπαχ θὰ περιοδεύσῃ προσεχῶς εἰς τὰς χώρας τῆς Ἀφρικῆς, πρὸς ἐπιτόπιον μελέτην τῶν ζητημάτων τὰ ὁποῖα ἀπασχολοῦν τὴν ἀμερικανικὴν πολιτικήν. Θὰ ἐπισκεφθῇ τὴν Αἰθιοπίαν, τὴν Κένυαν, τὴν Νιγηρίαν καὶ τὴν Γκάναν.

ΟΥΑΣΙΓΚΤΩΝ, 27.— Ὁ ὑφυπουργὸς τῶν ἐξωτερικῶν κ. Κάτσενμπαχ θὰ περιοδεύσῃ προσεχῶς εἰς τὰς χώρας τῆς Ἀφρικῆς, πρὸς ἐπιτόπιον μελέτην τῶν ζητημάτων τὰ ὁποῖα ἀπασχολοῦν τὴν ἀμερικανικὴν πολιτικήν. Θὰ ἐπισκεφθῇ τὴν Αἰθιοπίαν, τὴν Κένυαν, τὴν Νιγηρίαν καὶ τὴν Γκάναν.

Ἐπίσημος κύκλος ἀνέφερεν ὅτι ἡ περιοδεία θὰ διαρκέσῃ τρεῖς ἑβδομάδας. Ὁ κ. Κάτσενμπαχ θὰ συναντηθῇ μὲ τοὺς ἡγέτας τῶν χωρῶν τὰς ὁποίας θὰ ἐπισκεφθῇ, διὰ νὰ συζητήσουν τὰ προβλήματα τῆς οἰκονομικῆς βοηθείας.

Ἐπίσημος κύκλος ἀνέφερεν ὅτι ἡ περιοδεία θὰ διαρκέσῃ τρεῖς ἑβδομάδας. Ὁ κ. Κάτσενμπαχ θὰ συναντηθῇ μὲ τοὺς ἡγέτας τῶν χωρῶν τὰς ὁποίας θὰ ἐπισκεφθῇ, διὰ νὰ συζητήσουν τὰ προβλήματα τῆς οἰκονομικῆς βοηθείας.

Ο Κ. ΜΠΡΑΝΤ ΘΑ ΜΕΤΑΒΗ ΕΙΣ ΤΟΚΙΟ ΤΗΝ 29ΗΝ ΜΑΓΟΥ

ΤΟΚΙΟ, 27.— Ἀνεκοινώθη ὅτι ὁ ὑπουργὸς ἐξωτερικῶν τῆς Δυτικῆς Γερμανίας κ. Βίλλυ Μπράντ θὰ μεταβῇ εἰς Τόκιο τὴν 29ην Μαΐου, διὰ συνομιλίας μὲ τὴν ἰαπωνικὴν κυβέρνησιν.

ΤΟΚΙΟ, 27.— Ἀνεκοινώθη ὅτι ὁ ὑπουργὸς ἐξωτερικῶν τῆς Δυτικῆς Γερμανίας κ. Βίλλυ Μπράντ θὰ μεταβῇ εἰς Τόκιο τὴν 29ην Μαΐου, διὰ συνομιλίας μὲ τὴν ἰαπωνικὴν κυβέρνησιν.

ΑΙ ΟΙΚΟΝΟΜΙΚΑΙ ΥΠΗΡΕΣΙΑΙ ΘΑ ΑΝΑΔΙΟΡΓΑΝΩΘΟΥΝ ΔΙΑ ΤΗΝ ΤΑΧΥΤΕΡΑΝ ΕΞΥΠΗΡΕΤΗΣΙΝ ΤΩΝ ΠΟΛΙΤΩΝ

ΣΥΝΕΧΕΙΑ — ἀπὸ τῆς 1ης σελίδος. Αἱ οἰκονομικαὶ ὑπηρεσίαι θὰ ἀναδιοργανωθοῦν οὕτως ὥστε νὰ ἐξυπηρετῶνται ταχύτερον οἱ πολῖται, ἐνῷ θὰ καταργηθοῦν αἱ περιτταὶ διατυπώσεις.

ΣΥΝΕΧΕΙΑ — ἀπὸ τῆς 1ης σελίδος. Αἱ οἰκονομικαὶ ὑπηρεσίαι θὰ ἀναδιοργανωθοῦν οὕτως ὥστε νὰ ἐξυπηρετῶνται ταχύτερον οἱ πολῖται, ἐνῷ θὰ καταργηθοῦν αἱ περιτταὶ διατυπώσεις.

ΣΥΝΕΧΕΙΑ — ἀπὸ τῆς 1ης σελίδος. Αἱ οἰκονομικαὶ ὑπηρεσίαι θὰ ἀναδιοργανωθοῦν οὕτως ὥστε νὰ ἐξυπηρετῶνται ταχύτερον οἱ πολῖται, ἐνῷ θὰ καταργηθοῦν αἱ περιτταὶ διατυπώσεις.

ΣΥΝΕΧΕΙΑ — ἀπὸ τῆς 1ης σελίδος. Αἱ οἰκονομικαὶ ὑπηρεσίαι θὰ ἀναδιοργανωθοῦν οὕτως ὥστε νὰ ἐξυπηρετῶνται ταχύτερον οἱ πολῖται, ἐνῷ θὰ καταργηθοῦν αἱ περιτταὶ διατυπώσεις.

ΖΗΤΗΘΗ ΠΙΣΤΩΣΙΣ ΔΙΑ ΤΗΝ ΥΔΡΟΔΟΤΗΣΙΝ ΚΟΙΝΟΤΗΤΩΝ ΤΗΣ ΠΙΕΡΙΑΣ

ΚΑΤΕΡΙΝΗ, 27.— Ὁ νομάρχης Πιερίας ἐζήτησε πίστωσιν διὰ τὴν ὑδροδότησιν κοινοτήτων τοῦ νομοῦ, αἱ ὁποῖαι ἀντιμετωπίζουν πρόβλημα λειψυδρίας.

ΟΙΚΟΝΟΜΙΚΗ ΕΝΙΣΧΥΣΙΣ ΕΙΣ ΘΥΜΑΤΑ ΤΟΥ ΠΟΛΕΜΟΥ

ΑΘΗΝΑΙ, 27.— Δι' ἀποφάσεως τοῦ ὑπουργείου χορηγεῖται οἰκονομικὴ ἐνίσχυσις εἰς τὰ θύματα τοῦ πολέμου 1940—1945.

Σελίς 7
Ο ΣΤΡΑΤΟΣ ΕΞΗΓΑΓΕ ΤΗΝ ΧΩΡΑΝ ΑΠΟ ΤΟ ΧΑΟΣ ΔΗΛΟΙ Ο ΑΝΤΙΠΡΟΕΔΡΟΣ ΤΗΣ ΚΥΒΕΡΝΗΣΕΩΣ
ΑΝΕΛΑΒΕΝ Ο ΔΙΟΙΚΗΤΗΣ ΤΟΥ Β' Σ. ΣΤΡΑΤΟΥ
ΠΑΣΧΑΛΙΝΟΝ ΜΗΝΥΜΑ ΘΑ ΑΠΕΥΘΥΝΗ Ο ΠΡΟΕΔΡΟΣ ΜΑΚΑΡΙΟΣ

ΛΕΥΚΩΣΙΑ, 27. (Ρώυτερ).— Ὁ πρόεδρος τῆς Κυπριακῆς Δημοκρατίας Μακάριος θὰ ἀπευθύνῃ πασχάλιον μήνυμα πρὸς τὸν λαὸν τῆς νήσου διὰ τοῦ ραδιοφωνικοῦ σταθμοῦ.

ΟΙ ΒΑΣΙΛΕΙΣ ΤΟΥ ΣΙΑΜ ΠΕΡΙΟΔΕΥΟΥΝ ΤΗΝ ΠΕΡΣΙΑΝ

ΤΕΧΕΡΑΝΗ, 27. (Ἀσ. Πρές).— Ὁ βασιλεὺς καὶ ἡ βασίλισσα τοῦ Σιὰμ περιοδεύουν τὴν Περσίαν, μετὰ τὰς ἐπισήμους συνομιλίας μὲ τὸν Σάχην.

ΤΕΧΕΡΑΝΗ, 27. (Ἀσ. Πρές).— Ὁ βασιλεὺς καὶ ἡ βασίλισσα τοῦ Σιὰμ περιοδεύουν τὴν Περσίαν, μετὰ τὰς ἐπισήμους συνομιλίας μὲ τὸν Σάχην.

Ο ΧΟΛΝΤΕΝ ΔΙΚΑΖΕΤΑΙ ΔΙ ΑΝΘΡΩΠΟΚΤΟΝΙΑΝ ΕΞ ΑΜΕΛΕΙΑΣ

ΛΟΥΚΚΑ, Ἰταλία, 27. (Ρώυτερ).— Ὁ Ἀμερικανὸς ἡθοποιὸς Χόλντεν δικάζεται δι' ἀνθρωποκτονίαν ἐξ ἀμελείας, συνεπείᾳ τροχαίου ἀτυχήματος.

ΠΕΝΤΑΚΟΣΙΟΙ ΝΕΚΡΟΙ ΕΚ ΤΟΥ ΛΙΜΟΥ ΕΙΣ ΤΗΝ ΙΝΔΙΑΝ

ΓΚΑΓΙΑ, Ἰνδία, 27. (Ρώυτερ).— Πεντακόσιοι νεκροὶ ἐκ τοῦ λιμοῦ ἀνεφέρθησαν εἰς τὴν πολιτείαν Μπιχάρ τῆς Ἰνδίας.

ΚΑΤΑΙΔΙΚΗ ΚΑΤΑΣΚΟΠΩΝ ΕΙΣ ΤΟ ΠΑΡΙΣΙ

ΠΑΡΙΣΙ, 27. (Ρώυτερ).— Τὸ δικαστήριον κατεδίκασε δύο κατασκόπους εἰς φυλάκισιν διὰ κατασκοπείαν ὑπὲρ ξένης δυνάμεως.

ΝΕΑΙ ΠΕΤΡΕΛΑΙΟΠΗΓΑΙ ΕΙΣ ΤΗΝ ΛΙΒΥΗΝ

ΤΡΙΠΟΛΙΣ, 27.— Ἀνεκαλύφθησαν νέαι πετρελαιοπηγαὶ εἰς τὴν Λιβύην, ἀποδίδουσαι 225 χιλιάδας βαρέλια ἡμερησίως.

ΑΘΗΝΑΙ, 27.— Ὁ ἀντιπρόεδρος τῆς κυβερνήσεως ἐδήλωσεν ὅτι ὁ στρατὸς ἐξήγαγε τὴν χώραν ἀπὸ τὸ χάος εἰς τὸ ὁποῖον εἶχε περιέλθει. Ἐν συνεχείᾳ ἀνέλαβε τὰ καθήκοντά του ὁ νέος διοικητὴς τοῦ Β' Σώματος Στρατοῦ, παρουσίᾳ τῶν ἀνωτέρων ἀξιωματικῶν.

ΑΘΗΝΑΙ, 27.— Ὁ ἀντιπρόεδρος τῆς κυβερνήσεως ἐδήλωσεν ὅτι ὁ στρατὸς ἐξήγαγε τὴν χώραν ἀπὸ τὸ χάος εἰς τὸ ὁποῖον εἶχε περιέλθει. Ἐν συνεχείᾳ ἀνέλαβε τὰ καθήκοντά του ὁ νέος διοικητὴς τοῦ Β' Σώματος Στρατοῦ, παρουσίᾳ τῶν ἀνωτέρων ἀξιωματικῶν.

ΑΘΗΝΑΙ, 27.— Ὁ ἀντιπρόεδρος τῆς κυβερνήσεως ἐδήλωσεν ὅτι ὁ στρατὸς ἐξήγαγε τὴν χώραν ἀπὸ τὸ χάος εἰς τὸ ὁποῖον εἶχε περιέλθει. Ἐν συνεχείᾳ ἀνέλαβε τὰ καθήκοντά του ὁ νέος διοικητὴς τοῦ Β' Σώματος Στρατοῦ, παρουσίᾳ τῶν ἀνωτέρων ἀξιωματικῶν.

ΑΘΗΝΑΙ, 27.— Ὁ ἀντιπρόεδρος τῆς κυβερνήσεως ἐδήλωσεν ὅτι ὁ στρατὸς ἐξήγαγε τὴν χώραν ἀπὸ τὸ χάος εἰς τὸ ὁποῖον εἶχε περιέλθει. Ἐν συνεχείᾳ ἀνέλαβε τὰ καθήκοντά του ὁ νέος διοικητὴς τοῦ Β' Σώματος Στρατοῦ, παρουσίᾳ τῶν ἀνωτέρων ἀξιωματικῶν.

ΑΘΗΝΑΙ, 27.— Ὁ ἀντιπρόεδρος τῆς κυβερνήσεως ἐδήλωσεν ὅτι ὁ στρατὸς ἐξήγαγε τὴν χώραν ἀπὸ τὸ χάος εἰς τὸ ὁποῖον εἶχε περιέλθει. Ἐν συνεχείᾳ ἀνέλαβε τὰ καθήκοντά του ὁ νέος διοικητὴς τοῦ Β' Σώματος Στρατοῦ, παρουσίᾳ τῶν ἀνωτέρων ἀξιωματικῶν.

ΑΘΗΝΑΙ, 27.— Ὁ ἀντιπρόεδρος τῆς κυβερνήσεως ἐδήλωσεν ὅτι ὁ στρατὸς ἐξήγαγε τὴν χώραν ἀπὸ τὸ χάος εἰς τὸ ὁποῖον εἶχε περιέλθει. Ἐν συνεχείᾳ ἀνέλαβε τὰ καθήκοντά του ὁ νέος διοικητὴς τοῦ Β' Σώματος Στρατοῦ, παρουσίᾳ τῶν ἀνωτέρων ἀξιωματικῶν.

ΟΙ ΑΙΓΥΠΤΙΟΙ, ΠΡΟ ΤΗΣ ΤΑΡΙΧΕΥΣΕΩΣ ΤΩΝ ΝΕΚΡΩΝ, ΤΟΥΣ ΕΣΤΟΛΙΖΟΝ ΜΕ ΒΑΡΥΤΙΜΑ ΚΟΣΜΗΜΑΤΑ ΔΙΕΠΙΣΤΩΘΗ ΚΑΤΟΠΙΝ ΕΡΕΥΝΗΣ ΜΕ "ΑΚΤΙΝΑΣ Χ"
ΒΑΡΕΙΑ ΚΑΤΑΔΙΚΗ ΔΥΤΙΚΟΓΕΡΜΑΝΟΥ ΑΠΑΓΩΓΕΩΣ ΚΟΡΑΣΙΔΟΣ

ΒΕΡΟΛΙΝΟΝ, 27.— Ὁ ἠλικίας 27 ἐτῶν Δυτικογερμανὸς κατεδικάσθη εἰς βαρεῖαν ποινὴν διὰ τὴν ἀπαγωγὴν κορασίδος τὸ 1966.

ΓΡΟΝΘΟΚΟΠΗΜΑΤΑ ΜΕΤΑΞΥ ΒΟΥΛΕΥΤΩΝ ΕΙΣ ΤΗΝ ΑΜΕΡΙΚΗΝ

ΛΑΣΕΙΓΣ, 27. (Ρώυτερ).— Γρονθοκοπήματα μεταξὺ βουλευτῶν ἐσημειώθησαν εἰς τὴν Βουλὴν τῆς πολιτείας Μίτσιγκαν.

ΛΑΣΕΙΓΣ, 27. (Ρώυτερ).— Γρονθοκοπήματα μεταξὺ βουλευτῶν ἐσημειώθησαν εἰς τὴν Βουλὴν τῆς πολιτείας Μίτσιγκαν.

ΤΟΥΡΙΝΟΝ, 27.— Ἐπιστημονικὴ ἔρευνα μὲ ἀκτῖνας Χ ἀπέδειξεν ὅτι οἱ ἀρχαῖοι Αἰγύπτιοι, πρὸ τῆς ταριχεύσεως τῶν νεκρῶν, τοὺς ἐστόλιζον μὲ βαρύτιμα κοσμήματα, ἐκ χρυσοῦ καὶ πολυτίμων λίθων. Αἱ ἔρευναι διεξήχθησαν εἰς τὸ Αἰγυπτιακὸν Μουσεῖον τοῦ Τουρίνου ἐπὶ 3.500 ἐτῶν μουμιῶν.

ΤΟΥΡΙΝΟΝ, 27.— Ἐπιστημονικὴ ἔρευνα μὲ ἀκτῖνας Χ ἀπέδειξεν ὅτι οἱ ἀρχαῖοι Αἰγύπτιοι, πρὸ τῆς ταριχεύσεως τῶν νεκρῶν, τοὺς ἐστόλιζον μὲ βαρύτιμα κοσμήματα, ἐκ χρυσοῦ καὶ πολυτίμων λίθων. Αἱ ἔρευναι διεξήχθησαν εἰς τὸ Αἰγυπτιακὸν Μουσεῖον τοῦ Τουρίνου ἐπὶ 3.500 ἐτῶν μουμιῶν.

ΤΟΥΡΙΝΟΝ, 27.— Ἐπιστημονικὴ ἔρευνα μὲ ἀκτῖνας Χ ἀπέδειξεν ὅτι οἱ ἀρχαῖοι Αἰγύπτιοι, πρὸ τῆς ταριχεύσεως τῶν νεκρῶν, τοὺς ἐστόλιζον μὲ βαρύτιμα κοσμήματα, ἐκ χρυσοῦ καὶ πολυτίμων λίθων. Αἱ ἔρευναι διεξήχθησαν εἰς τὸ Αἰγυπτιακὸν Μουσεῖον τοῦ Τουρίνου ἐπὶ 3.500 ἐτῶν μουμιῶν.

ΤΟΥΡΙΝΟΝ, 27.— Ἐπιστημονικὴ ἔρευνα μὲ ἀκτῖνας Χ ἀπέδειξεν ὅτι οἱ ἀρχαῖοι Αἰγύπτιοι, πρὸ τῆς ταριχεύσεως τῶν νεκρῶν, τοὺς ἐστόλιζον μὲ βαρύτιμα κοσμήματα, ἐκ χρυσοῦ καὶ πολυτίμων λίθων. Αἱ ἔρευναι διεξήχθησαν εἰς τὸ Αἰγυπτιακὸν Μουσεῖον τοῦ Τουρίνου ἐπὶ 3.500 ἐτῶν μουμιῶν.

ΑΠΟΡΡΗΤΑ ΒΡΕΤΑΝΝΟΑΜΕΡΙΚΑΝΙΚΑ ΣΧΕΔΙΑ, ΠΕΡΙ ΠΥΡΗΝΙΚΗΣ ΕΠΙΘΕΣΕΩΣ ΚΑΤΑ ΤΗΣ ΚΙΝΑΣ ΕΔΗΜΟΣΙΕΥΣΕΝ ΕΦΗΜΕΡΙΣ ΤΗΣ ΒΙΕΝΝΗΣ

ΒΙΕΝΝΗ, 27. (Ρώυτερ).— Αὐστριακὴ ἐφημερὶς ἐδημοσίευσεν ἀπόρρητα βρεταννοαμερικανικὰ σχέδια περὶ πυρηνικῆς ἐπιθέσεως κατὰ τῆς Κίνας, ἀποκαλύπτουσα λεπτομερείας τῶν στρατιωτικῶν σχεδίων.

ΒΙΕΝΝΗ, 27. (Ρώυτερ).— Αὐστριακὴ ἐφημερὶς ἐδημοσίευσεν ἀπόρρητα βρεταννοαμερικανικὰ σχέδια περὶ πυρηνικῆς ἐπιθέσεως κατὰ τῆς Κίνας, ἀποκαλύπτουσα λεπτομερείας τῶν στρατιωτικῶν σχεδίων.

ΒΙΕΝΝΗ, 27. (Ρώυτερ).— Αὐστριακὴ ἐφημερὶς ἐδημοσίευσεν ἀπόρρητα βρεταννοαμερικανικὰ σχέδια περὶ πυρηνικῆς ἐπιθέσεως κατὰ τῆς Κίνας, ἀποκαλύπτουσα λεπτομερείας τῶν στρατιωτικῶν σχεδίων.

ΒΙΕΝΝΗ, 27. (Ρώυτερ).— Αὐστριακὴ ἐφημερὶς ἐδημοσίευσεν ἀπόρρητα βρεταννοαμερικανικὰ σχέδια περὶ πυρηνικῆς ἐπιθέσεως κατὰ τῆς Κίνας, ἀποκαλύπτουσα λεπτομερείας τῶν στρατιωτικῶν σχεδίων.

ΒΙΕΝΝΗ, 27. (Ρώυτερ).— Αὐστριακὴ ἐφημερὶς ἐδημοσίευσεν ἀπόρρητα βρεταννοαμερικανικὰ σχέδια περὶ πυρηνικῆς ἐπιθέσεως κατὰ τῆς Κίνας, ἀποκαλύπτουσα λεπτομερείας τῶν στρατιωτικῶν σχεδίων.

ΒΙΕΝΝΗ, 27. (Ρώυτερ).— Αὐστριακὴ ἐφημερὶς ἐδημοσίευσεν ἀπόρρητα βρεταννοαμερικανικὰ σχέδια περὶ πυρηνικῆς ἐπιθέσεως κατὰ τῆς Κίνας, ἀποκαλύπτουσα λεπτομερείας τῶν στρατιωτικῶν σχεδίων.

Η ΑΙΘΙΟΠΙΑ ΠΡΟΕΒΗ ΕΙΣ ΤΗΝ ΣΥΛΛΗΨΙΝ ΣΟΥΔΑΝΩΝ ΜΕ ΤΗΝ ΚΑΤΗΓΟΡΙΑΝ ΤΗΣ ΔΙΕΝΕΡΓΕΙΑΣ ΛΑΘΡΕΜΠΟΡΙΟΥ

ΑΣΜΑΡΑ, Αἰθιοπία, 27. (Ἀσ. Πρές).— Αἱ ἀρχαὶ τῆς Αἰθιοπίας συνέλαβον Σουδανοὺς κατηγορουμένους διὰ λαθρεμπόριον ὅπλων πρὸς τοὺς ἀντάρτας τῆς Ἐρυθραίας.

ΑΣΜΑΡΑ, Αἰθιοπία, 27. (Ἀσ. Πρές).— Αἱ ἀρχαὶ τῆς Αἰθιοπίας συνέλαβον Σουδανοὺς κατηγορουμένους διὰ λαθρεμπόριον ὅπλων πρὸς τοὺς ἀντάρτας τῆς Ἐρυθραίας.

ΑΣΜΑΡΑ, Αἰθιοπία, 27. (Ἀσ. Πρές).— Αἱ ἀρχαὶ τῆς Αἰθιοπίας συνέλαβον Σουδανοὺς κατηγορουμένους διὰ λαθρεμπόριον ὅπλων πρὸς τοὺς ἀντάρτας τῆς Ἐρυθραίας.

ΑΣΜΑΡΑ, Αἰθιοπία, 27. (Ἀσ. Πρές).— Αἱ ἀρχαὶ τῆς Αἰθιοπίας συνέλαβον Σουδανοὺς κατηγορουμένους διὰ λαθρεμπόριον ὅπλων πρὸς τοὺς ἀντάρτας τῆς Ἐρυθραίας.

ΘΑ ΕΠΙΣΠΕΥΣΘΗ Η ΔΙΑΔΙΚΑΣΙΑ ΤΕΧΝΙΚΗΣ ΕΚΤΕΛΕΣΕΩΣ ΤΟΥ ΠΡΟΓΡΑΜΜΑΤΟΣ ΣΤΕΓΑΣΕΩΣ ΤΩΝ ΣΕΙΣΜΟΠΛΗΚΤΩΝ

ΑΘΗΝΑΙ, 27.— Ὁ ὑπουργὸς κοινωνικῶν ὑπηρεσιῶν ἀνεκοίνωσεν ὅτι θὰ ἐπισπευσθῇ ἡ διαδικασία τεχνικῆς ἐκτελέσεως τοῦ προγράμματος στεγάσεως τῶν σεισμοπλήκτων, εἰς τρόπον ὥστε νὰ ἀποπερατωθοῦν ἐντὸς τοῦ ἔτους αἱ ἐργασίαι ἀνεγέρσεως τῶν κατοικιῶν.

ΑΘΗΝΑΙ, 27.— Ὁ ὑπουργὸς κοινωνικῶν ὑπηρεσιῶν ἀνεκοίνωσεν ὅτι θὰ ἐπισπευσθῇ ἡ διαδικασία τεχνικῆς ἐκτελέσεως τοῦ προγράμματος στεγάσεως τῶν σεισμοπλήκτων, εἰς τρόπον ὥστε νὰ ἀποπερατωθοῦν ἐντὸς τοῦ ἔτους αἱ ἐργασίαι ἀνεγέρσεως τῶν κατοικιῶν.

ΑΘΗΝΑΙ, 27.— Ὁ ὑπουργὸς κοινωνικῶν ὑπηρεσιῶν ἀνεκοίνωσεν ὅτι θὰ ἐπισπευσθῇ ἡ διαδικασία τεχνικῆς ἐκτελέσεως τοῦ προγράμματος στεγάσεως τῶν σεισμοπλήκτων, εἰς τρόπον ὥστε νὰ ἀποπερατωθοῦν ἐντὸς τοῦ ἔτους αἱ ἐργασίαι ἀνεγέρσεως τῶν κατοικιῶν.

ΑΘΗΝΑΙ, 27.— Ὁ ὑπουργὸς κοινωνικῶν ὑπηρεσιῶν ἀνεκοίνωσεν ὅτι θὰ ἐπισπευσθῇ ἡ διαδικασία τεχνικῆς ἐκτελέσεως τοῦ προγράμματος στεγάσεως τῶν σεισμοπλήκτων, εἰς τρόπον ὥστε νὰ ἀποπερατωθοῦν ἐντὸς τοῦ ἔτους αἱ ἐργασίαι ἀνεγέρσεως τῶν κατοικιῶν.

ΚΥΡΙΟΣ ΣΤΟΧΟΣ ΤΟΥ ΥΦΥΠΟΥΡΓΟΥ ΕΜΠΟΡΙΟΥ Ο ΚΑΝΟΝΙΚΟΣ ΕΦΟΔΙΑΣΜΟΣ ΤΗΣ ΑΓΟΡΑΣ

ΑΘΗΝΑΙ, 27.— Ὁ νέος ὑφυπουργὸς ἐμπορίου ἐδήλωσεν ὅτι κύριος στόχος του εἶναι ὁ κανονικὸς ἐφοδιασμὸς τῆς ἀγορᾶς καὶ ἡ συγκράτησις τῶν τιμῶν.

ΑΘΗΝΑΙ, 27.— Ὁ νέος ὑφυπουργὸς ἐμπορίου ἐδήλωσεν ὅτι κύριος στόχος του εἶναι ὁ κανονικὸς ἐφοδιασμὸς τῆς ἀγορᾶς καὶ ἡ συγκράτησις τῶν τιμῶν.

ΑΘΗΝΑΙ, 27.— Ὁ νέος ὑφυπουργὸς ἐμπορίου ἐδήλωσεν ὅτι κύριος στόχος του εἶναι ὁ κανονικὸς ἐφοδιασμὸς τῆς ἀγορᾶς καὶ ἡ συγκράτησις τῶν τιμῶν.

ΑΘΗΝΑΙ, 27.— Ὁ νέος ὑφυπουργὸς ἐμπορίου ἐδήλωσεν ὅτι κύριος στόχος του εἶναι ὁ κανονικὸς ἐφοδιασμὸς τῆς ἀγορᾶς καὶ ἡ συγκράτησις τῶν τιμῶν.
